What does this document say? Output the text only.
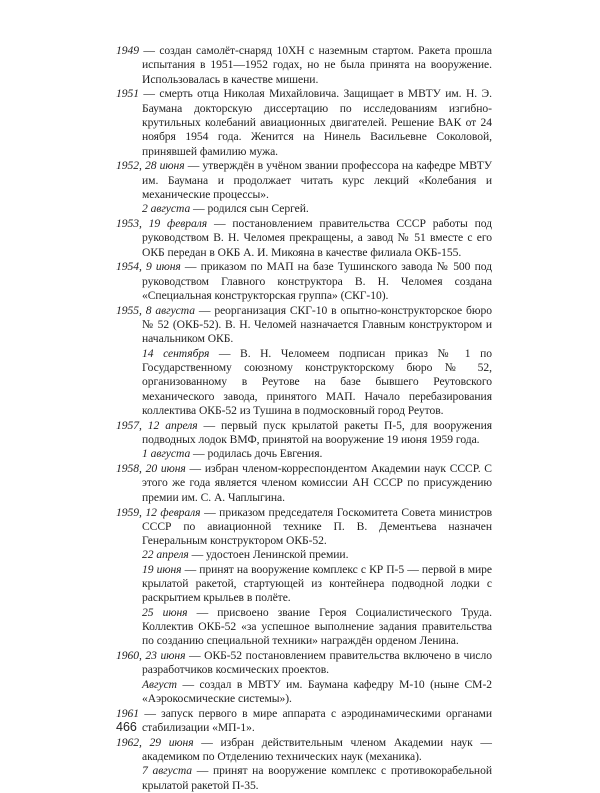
1949 — создан самолёт-снаряд 10ХН с наземным стартом. Ракета прошла испытания в 1951—1952 годах, но не была принята на вооружение. Использовалась в качестве мишени.

1951 — смерть отца Николая Михайловича. Защищает в МВТУ им. Н. Э. Баумана докторскую диссертацию по исследованиям изгибно-крутильных колебаний авиационных двигателей. Решение ВАК от 24 ноября 1954 года. Женится на Нинель Васильевне Соколовой, принявшей фамилию мужа.

1952, 28 июня — утверждён в учёном звании профессора на кафедре МВТУ им. Баумана и продолжает читать курс лекций «Колебания и механические процессы».

2 августа — родился сын Сергей.

1953, 19 февраля — постановлением правительства СССР работы под руководством В. Н. Челомея прекращены, а завод № 51 вместе с его ОКБ передан в ОКБ А. И. Микояна в качестве филиала ОКБ-155.

1954, 9 июня — приказом по МАП на базе Тушинского завода № 500 под руководством Главного конструктора В. Н. Челомея создана «Специальная конструкторская группа» (СКГ-10).

1955, 8 августа — реорганизация СКГ-10 в опытно-конструкторское бюро № 52 (ОКБ-52). В. Н. Челомей назначается Главным конструктором и начальником ОКБ.

14 сентября — В. Н. Челомеем подписан приказ № 1 по Государственному союзному конструкторскому бюро № 52, организованному в Реутове на базе бывшего Реутовского механического завода, принятого МАП. Начало перебазирования коллектива ОКБ-52 из Тушина в подмосковный город Реутов.

1957, 12 апреля — первый пуск крылатой ракеты П-5, для вооружения подводных лодок ВМФ, принятой на вооружение 19 июня 1959 года.

1 августа — родилась дочь Евгения.

1958, 20 июня — избран членом-корреспондентом Академии наук СССР. С этого же года является членом комиссии АН СССР по присуждению премии им. С. А. Чаплыгина.

1959, 12 февраля — приказом председателя Госкомитета Совета министров СССР по авиационной технике П. В. Дементьева назначен Генеральным конструктором ОКБ-52.

22 апреля — удостоен Ленинской премии.

19 июня — принят на вооружение комплекс с КР П-5 — первой в мире крылатой ракетой, стартующей из контейнера подводной лодки с раскрытием крыльев в полёте.

25 июня — присвоено звание Героя Социалистического Труда. Коллектив ОКБ-52 «за успешное выполнение задания правительства по созданию специальной техники» награждён орденом Ленина.

1960, 23 июня — ОКБ-52 постановлением правительства включено в число разработчиков космических проектов.

Август — создал в МВТУ им. Баумана кафедру М-10 (ныне СМ-2 «Аэрокосмические системы»).

1961 — запуск первого в мире аппарата с аэродинамическими органами стабилизации «МП-1».

1962, 29 июня — избран действительным членом Академии наук — академиком по Отделению технических наук (механика).

7 августа — принят на вооружение комплекс с противокорабельной крылатой ракетой П-35.

466
